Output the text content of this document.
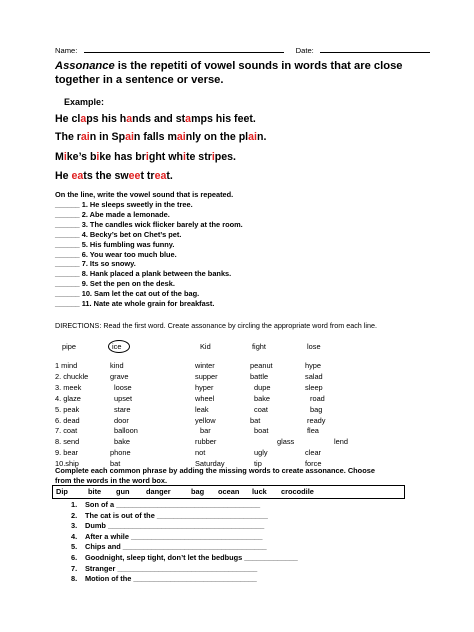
Name:	Date:
Assonance is the repetiti of vowel sounds in words that are close
together in a sentence or verse.
Example:
He claps his hands and stamps his feet.
The rain in Spain falls mainly on the plain.
Mike’s bike has bright white stripes.
He eats the sweet treat.
On the line, write the vowel sound that is repeated.
______ 1. He sleeps sweetly in the tree.
______ 2. Abe made a lemonade.
______ 3. The candles wick flicker barely at the room.
______ 4. Becky’s bet on Chet’s pet.
______ 5. His fumbling was funny.
______ 6. You wear too much blue.
______ 7. Its so snowy.
______ 8. Hank placed a plank between the banks.
______ 9. Set the pen on the desk.
______ 10. Sam let the cat out of the bag.
______ 11. Nate ate whole grain for breakfast.
DIRECTIONS: Read the first word. Create assonance by circling the appropriate word from each line.
pipe	ice	Kid	fight	lose
1 mind	kind	winter	peanut	hype
2. chuckle	grave	supper	battle	salad
3. meek	loose	hyper	dupe	sleep
4. glaze	upset	wheel	bake	road
5. peak	stare	leak	coat	bag
6. dead	door	yellow	bat	ready
7. coat	balloon	bar	boat	flea
8. send	bake	rubber	glass	lend
9. bear	phone	not	ugly	clear
10.ship	bat	Saturday	tip	force
Complete each common phrase by adding the missing words to create assonance. Choose
from the words in the word box.
Dip	bite gun danger	bag ocean luck crocodile
1. Son of a ___________________________________
2. The cat is out of the ___________________________
3. Dumb ______________________________________
4. After a while ________________________________
5. Chips and ___________________________________
6. Goodnight, sleep tight, don’t let the bedbugs _____________
7. Stranger __________________________________
8. Motion of the ______________________________
